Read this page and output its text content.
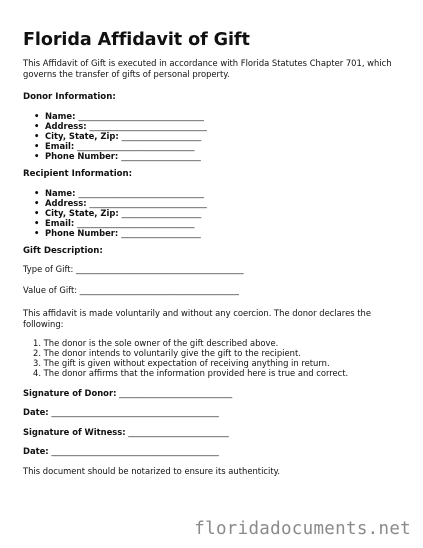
Florida Affidavit of Gift

This Affidavit of Gift is executed in accordance with Florida Statutes Chapter 701, which governs the transfer of gifts of personal property.

Donor Information:
• Name: ______________________________
• Address: ____________________________
• City, State, Zip: ___________________
• Email: ____________________________
• Phone Number: ___________________
Recipient Information:
• Name: ______________________________
• Address: ____________________________
• City, State, Zip: ___________________
• Email: ____________________________
• Phone Number: ___________________
Gift Description:

Type of Gift: ________________________________________

Value of Gift: ______________________________________

This affidavit is made voluntarily and without any coercion. The donor declares the following:

1. The donor is the sole owner of the gift described above.
2. The donor intends to voluntarily give the gift to the recipient.
3. The gift is given without expectation of receiving anything in return.
4. The donor affirms that the information provided here is true and correct.

Signature of Donor: ___________________________

Date: ________________________________________

Signature of Witness: ________________________

Date: ________________________________________

This document should be notarized to ensure its authenticity.

floridadocuments.net
